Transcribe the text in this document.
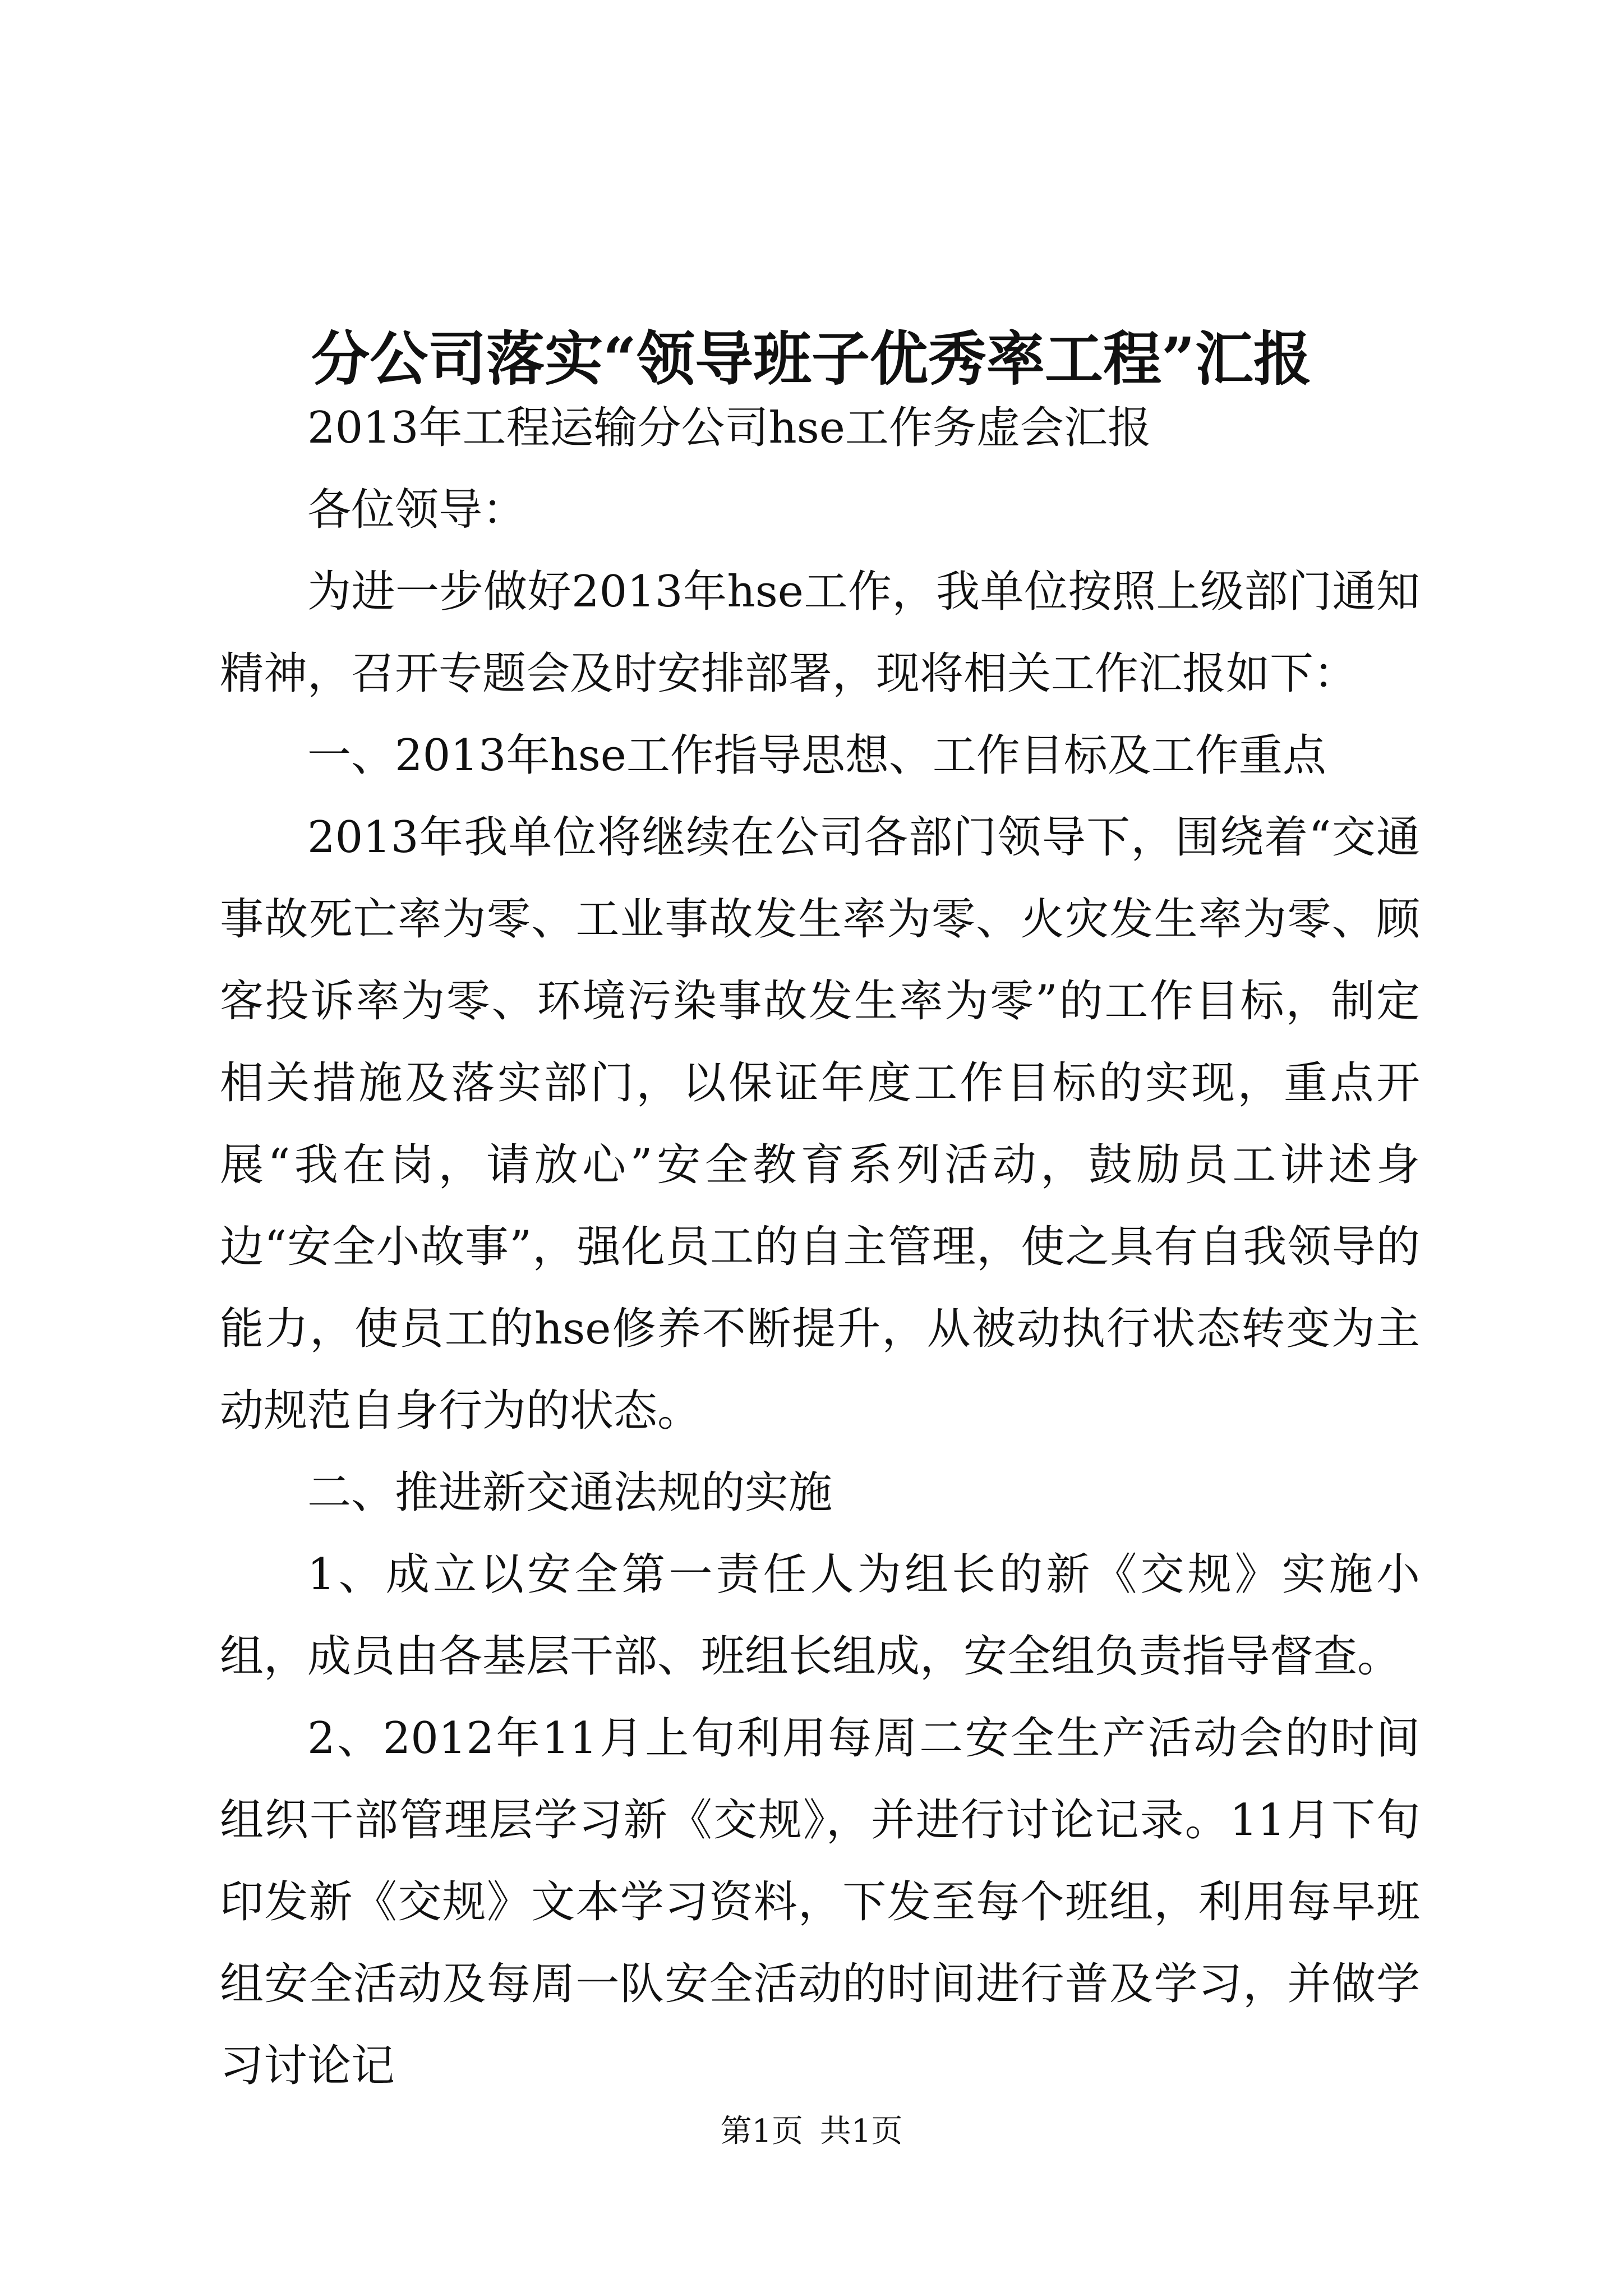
分公司落实“领导班子优秀率工程”汇报

2013年工程运输分公司hse工作务虚会汇报

各位领导：

为进一步做好2013年hse工作，我单位按照上级部门通知精神，召开专题会及时安排部署，现将相关工作汇报如下：

一、2013年hse工作指导思想、工作目标及工作重点

2013年我单位将继续在公司各部门领导下，围绕着“交通事故死亡率为零、工业事故发生率为零、火灾发生率为零、顾客投诉率为零、环境污染事故发生率为零”的工作目标，制定相关措施及落实部门，以保证年度工作目标的实现，重点开展“我在岗，请放心”安全教育系列活动，鼓励员工讲述身边“安全小故事”，强化员工的自主管理，使之具有自我领导的能力，使员工的hse修养不断提升，从被动执行状态转变为主动规范自身行为的状态。

二、推进新交通法规的实施

1、成立以安全第一责任人为组长的新《交规》实施小组，成员由各基层干部、班组长组成，安全组负责指导督查。

2、2012年11月上旬利用每周二安全生产活动会的时间组织干部管理层学习新《交规》，并进行讨论记录。11月下旬印发新《交规》文本学习资料，下发至每个班组，利用每早班组安全活动及每周一队安全活动的时间进行普及学习，并做学习讨论记

第1页 共1页
